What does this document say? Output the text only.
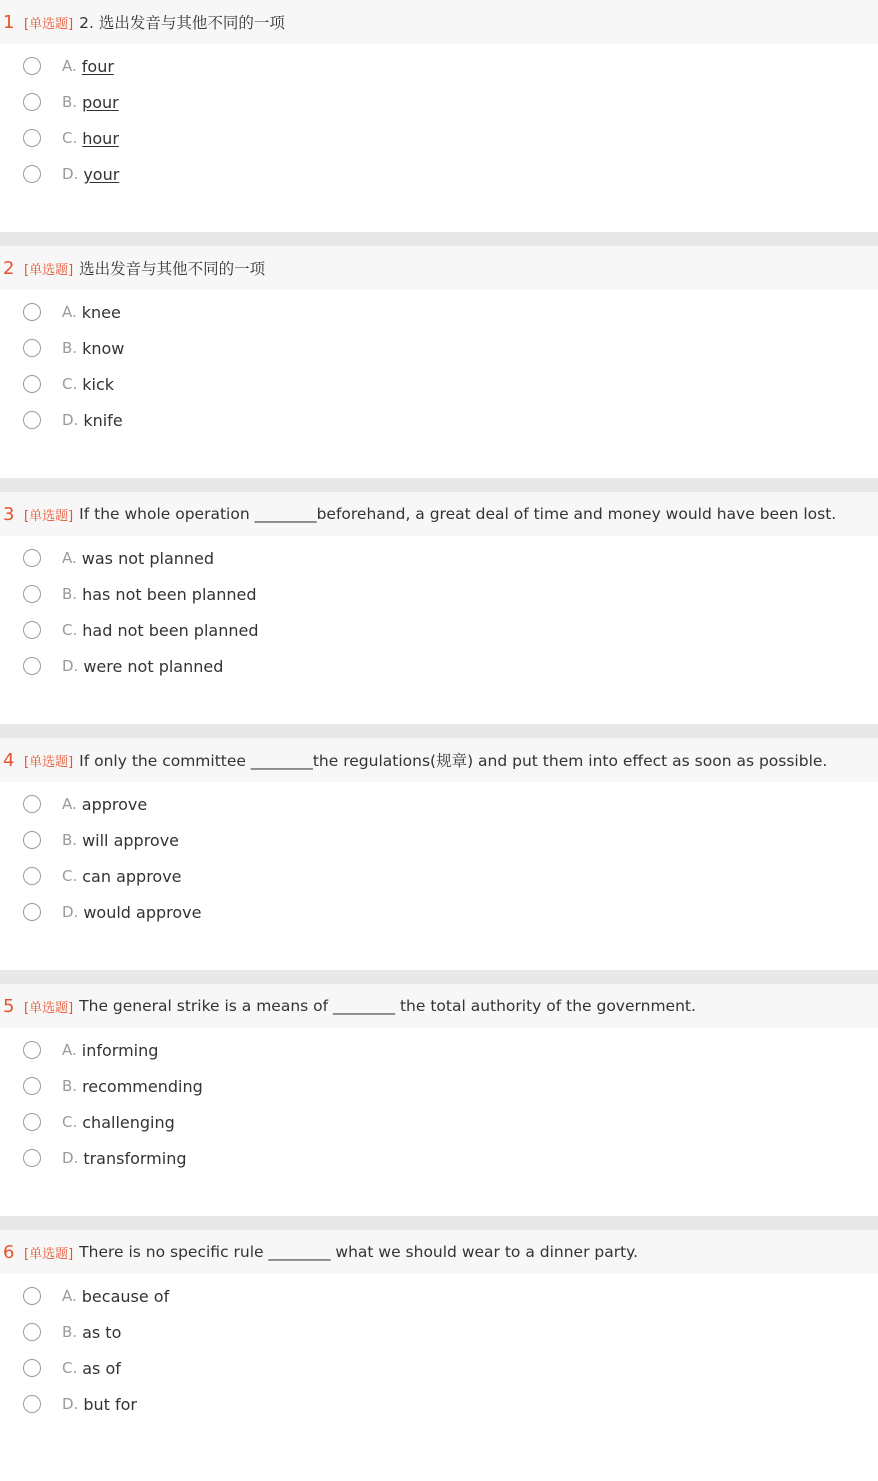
1 [单选题] 2. 选出发音与其他不同的一项
A. four
B. pour
C. hour
D. your
2 [单选题] 选出发音与其他不同的一项
A. knee
B. know
C. kick
D. knife
3 [单选题] If the whole operation ________beforehand, a great deal of time and money would have been lost.
A. was not planned
B. has not been planned
C. had not been planned
D. were not planned
4 [单选题] If only the committee ________the regulations(规章) and put them into effect as soon as possible.
A. approve
B. will approve
C. can approve
D. would approve
5 [单选题] The general strike is a means of ________ the total authority of the government.
A. informing
B. recommending
C. challenging
D. transforming
6 [单选题] There is no specific rule ________ what we should wear to a dinner party.
A. because of
B. as to
C. as of
D. but for
